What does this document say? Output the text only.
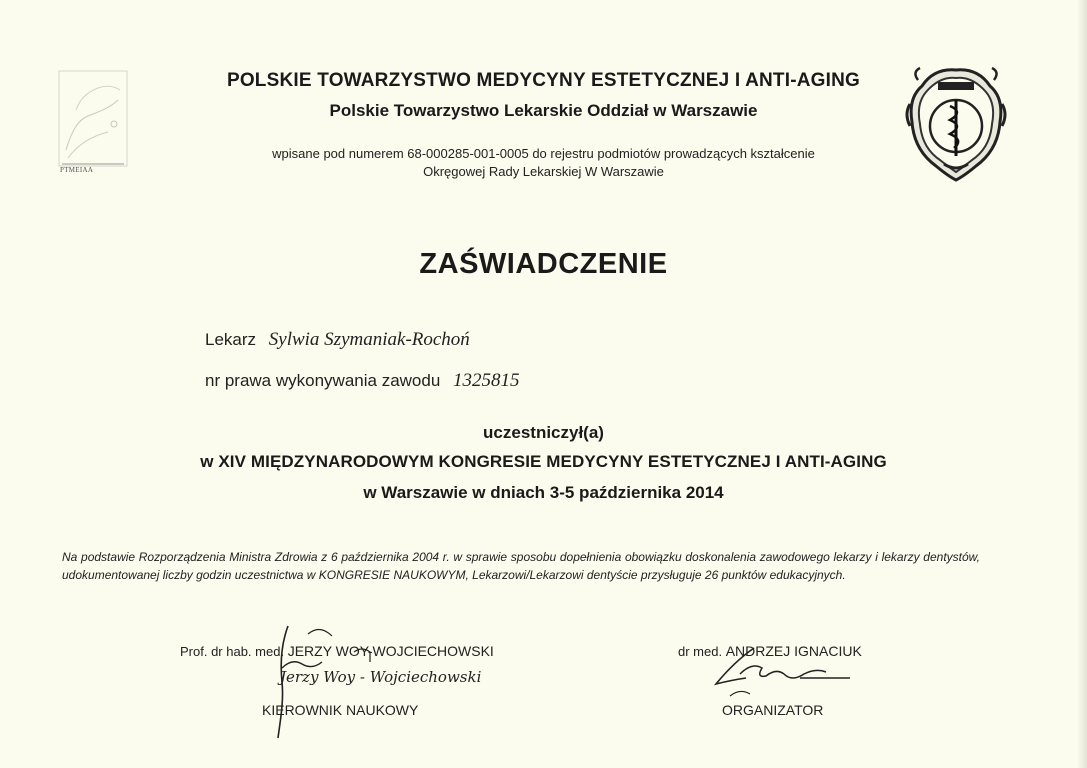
PTMEIAA
POLSKIE TOWARZYSTWO MEDYCYNY ESTETYCZNEJ I ANTI-AGING
Polskie Towarzystwo Lekarskie Oddział w Warszawie
wpisane pod numerem 68-000285-001-0005 do rejestru podmiotów prowadzących kształcenie
Okręgowej Rady Lekarskiej W Warszawie
ZAŚWIADCZENIE
Lekarz Sylwia Szymaniak-Rochoń
nr prawa wykonywania zawodu 1325815
uczestniczył(a)
w XIV MIĘDZYNARODOWYM KONGRESIE MEDYCYNY ESTETYCZNEJ I ANTI-AGING
w Warszawie w dniach 3-5 października 2014
Na podstawie Rozporządzenia Ministra Zdrowia z 6 października 2004 r. w sprawie sposobu dopełnienia obowiązku doskonalenia zawodowego lekarzy i lekarzy dentystów, udokumentowanej liczby godzin uczestnictwa w KONGRESIE NAUKOWYM, Lekarzowi/Lekarzowi dentyście przysługuje 26 punktów edukacyjnych.
Prof. dr hab. med. JERZY WOY-WOJCIECHOWSKI
KIEROWNIK NAUKOWY
Jerzy Woy - Wojciechowski
dr med. ANDRZEJ IGNACIUK
ORGANIZATOR
